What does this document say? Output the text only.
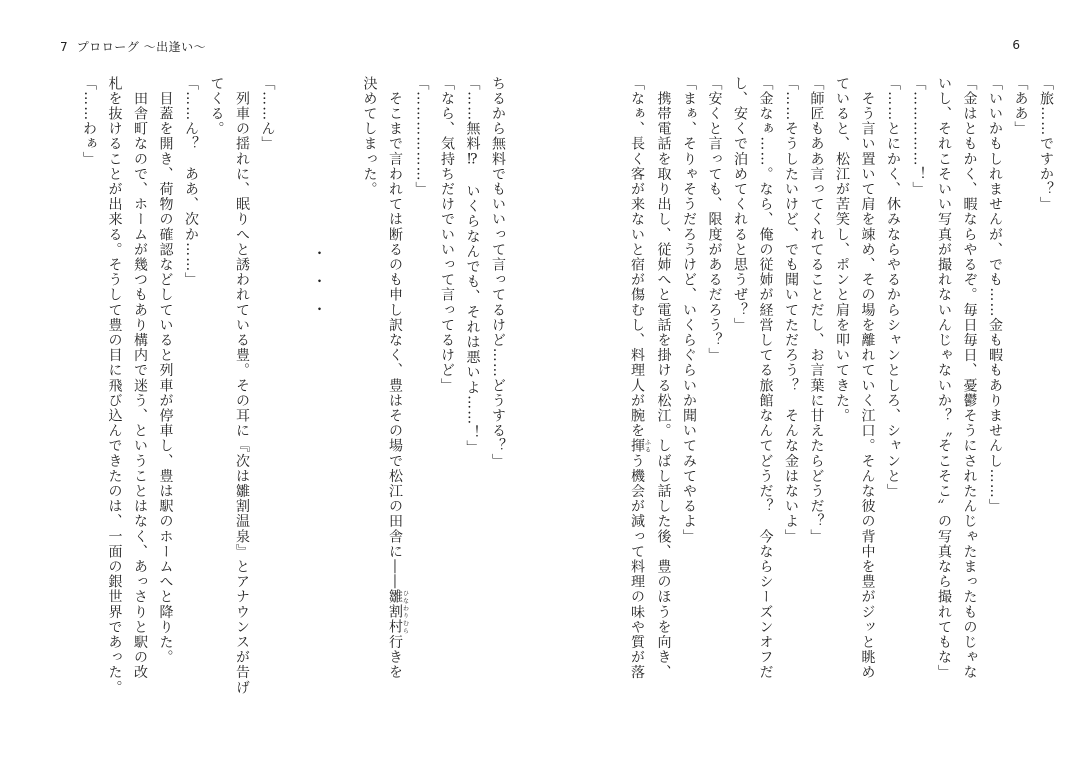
7 プロローグ 〜出逢い〜
ちるから無料でもいいって言ってるけど……どうする？」
「……無料⁉　いくらなんでも、それは悪いよ……！」
「なら、気持ちだけでいいって言ってるけど」
「………………」
　そこまで言われては断るのも申し訳なく、豊はその場で松江の田舎に――雛割村ひなわりむら行きを
決めてしまった。

・　・　・

「……ん」
　列車の揺れに、眠りへと誘われている豊。その耳に『次は雛割温泉』とアナウンスが告げ
てくる。
「……ん？　ああ、次か……」
　目蓋を開き、荷物の確認などしていると列車が停車し、豊は駅のホームへと降りた。
　田舎町なので、ホームが幾つもあり構内で迷う、ということはなく、あっさりと駅の改
札を抜けることが出来る。そうして豊の目に飛び込んできたのは、一面の銀世界であった。
「……わぁ」
6
「旅……ですか？」
「ああ」
「いいかもしれませんが、でも……金も暇もありませんし……」
「金はともかく、暇ならやるぞ。毎日毎日、憂鬱そうにされたんじゃたまったものじゃな
いし、それこそいい写真が撮れないんじゃないか？〝そこそこ〟の写真なら撮れてもな」
「……………！」
「……とにかく、休みならやるからシャンとしろ、シャンと」
　そう言い置いて肩を竦め、その場を離れていく江口。そんな彼の背中を豊がジッと眺め
ていると、松江が苦笑し、ポンと肩を叩いてきた。
「師匠もああ言ってくれてることだし、お言葉に甘えたらどうだ？」
「……そうしたいけど、でも聞いてただろう？　そんな金はないよ」
「金なぁ……。なら、俺の従姉が経営してる旅館なんてどうだ？　今ならシーズンオフだ
し、安くで泊めてくれると思うぜ？」
「安くと言っても、限度があるだろう？」
「まぁ、そりゃそうだろうけど、いくらぐらいか聞いてみてやるよ」
　携帯電話を取り出し、従姉へと電話を掛ける松江。しばし話した後、豊のほうを向き、
「なぁ、長く客が来ないと宿が傷むし、料理人が腕を揮ふるう機会が減って料理の味や質が落
